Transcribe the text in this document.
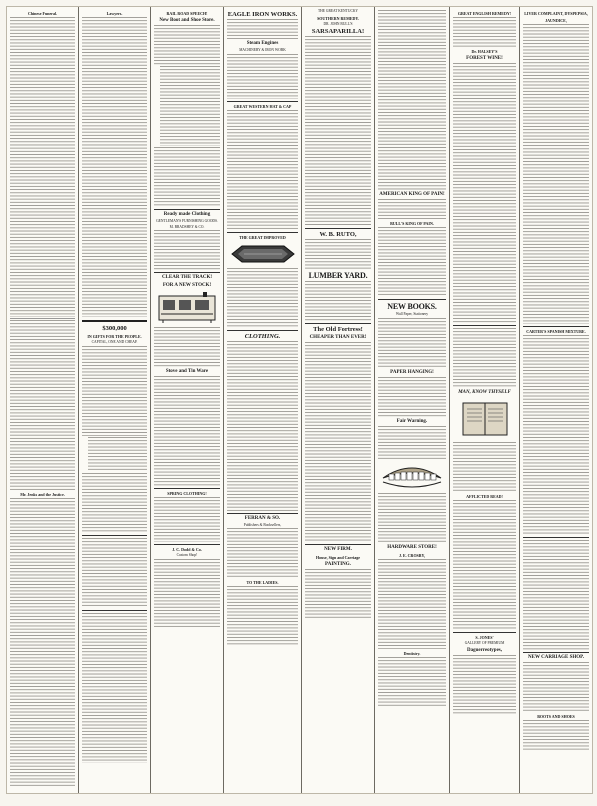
Chinese Funeral.
Mr. Jenks and the Justice.
Lawyers.
$300,000
IN GIFTS FOR THE PEOPLE.
CAPITAL, ONE AND CHEAP.
RAIL ROAD SPEECH!
New Boot and Shoe Store.
Ready made Clothing
GENTLEMAN'S FURNISHING GOODS.
M. BRADSHEY & CO.
CLEAR THE TRACK!
FOR A NEW STOCK!
Stove and Tin Ware
SPRING CLOTHING!
J. C. Dodd & Co.
Custom Shop!
EAGLE IRON WORKS.
Steam Engines
MACHINERY & IRON WORK
GREAT WESTERN HAT & CAP
THE GREAT IMPROVED
CLOTHING.
FERRAN & SO.
Publishers & Booksellers,
TO THE LADIES.
THE GREAT KENTUCKY
SOUTHERN REMEDY.
DR. JOHN BULL'S
SARSAPARILLA!
W. B. RUTO,
LUMBER YARD.
The Old Fortress!
CHEAPER THAN EVER!
NEW FIRM.
House, Sign and Carriage
PAINTING.
AMERICAN KING OF PAIN!
BULL'S KING OF PAIN.
NEW BOOKS.
Wall Paper, Stationery
PAPER HANGING!
Fair Warning.
HARDWARE STORE!
J. E. CROSBY,
Dentistry.
GREAT ENGLISH REMEDY!
Dr. HALSEY'S
FOREST WINE!
MAN, KNOW THYSELF
AFFLICTED READ!
S. JONES'
GALLERY OF PREMIUM
Daguerreotypes,
LIVER COMPLAINT, DYSPEPSIA,
JAUNDICE,
CARTER'S SPANISH MIXTURE.
NEW CARRIAGE SHOP.
BOOTS AND SHOES
